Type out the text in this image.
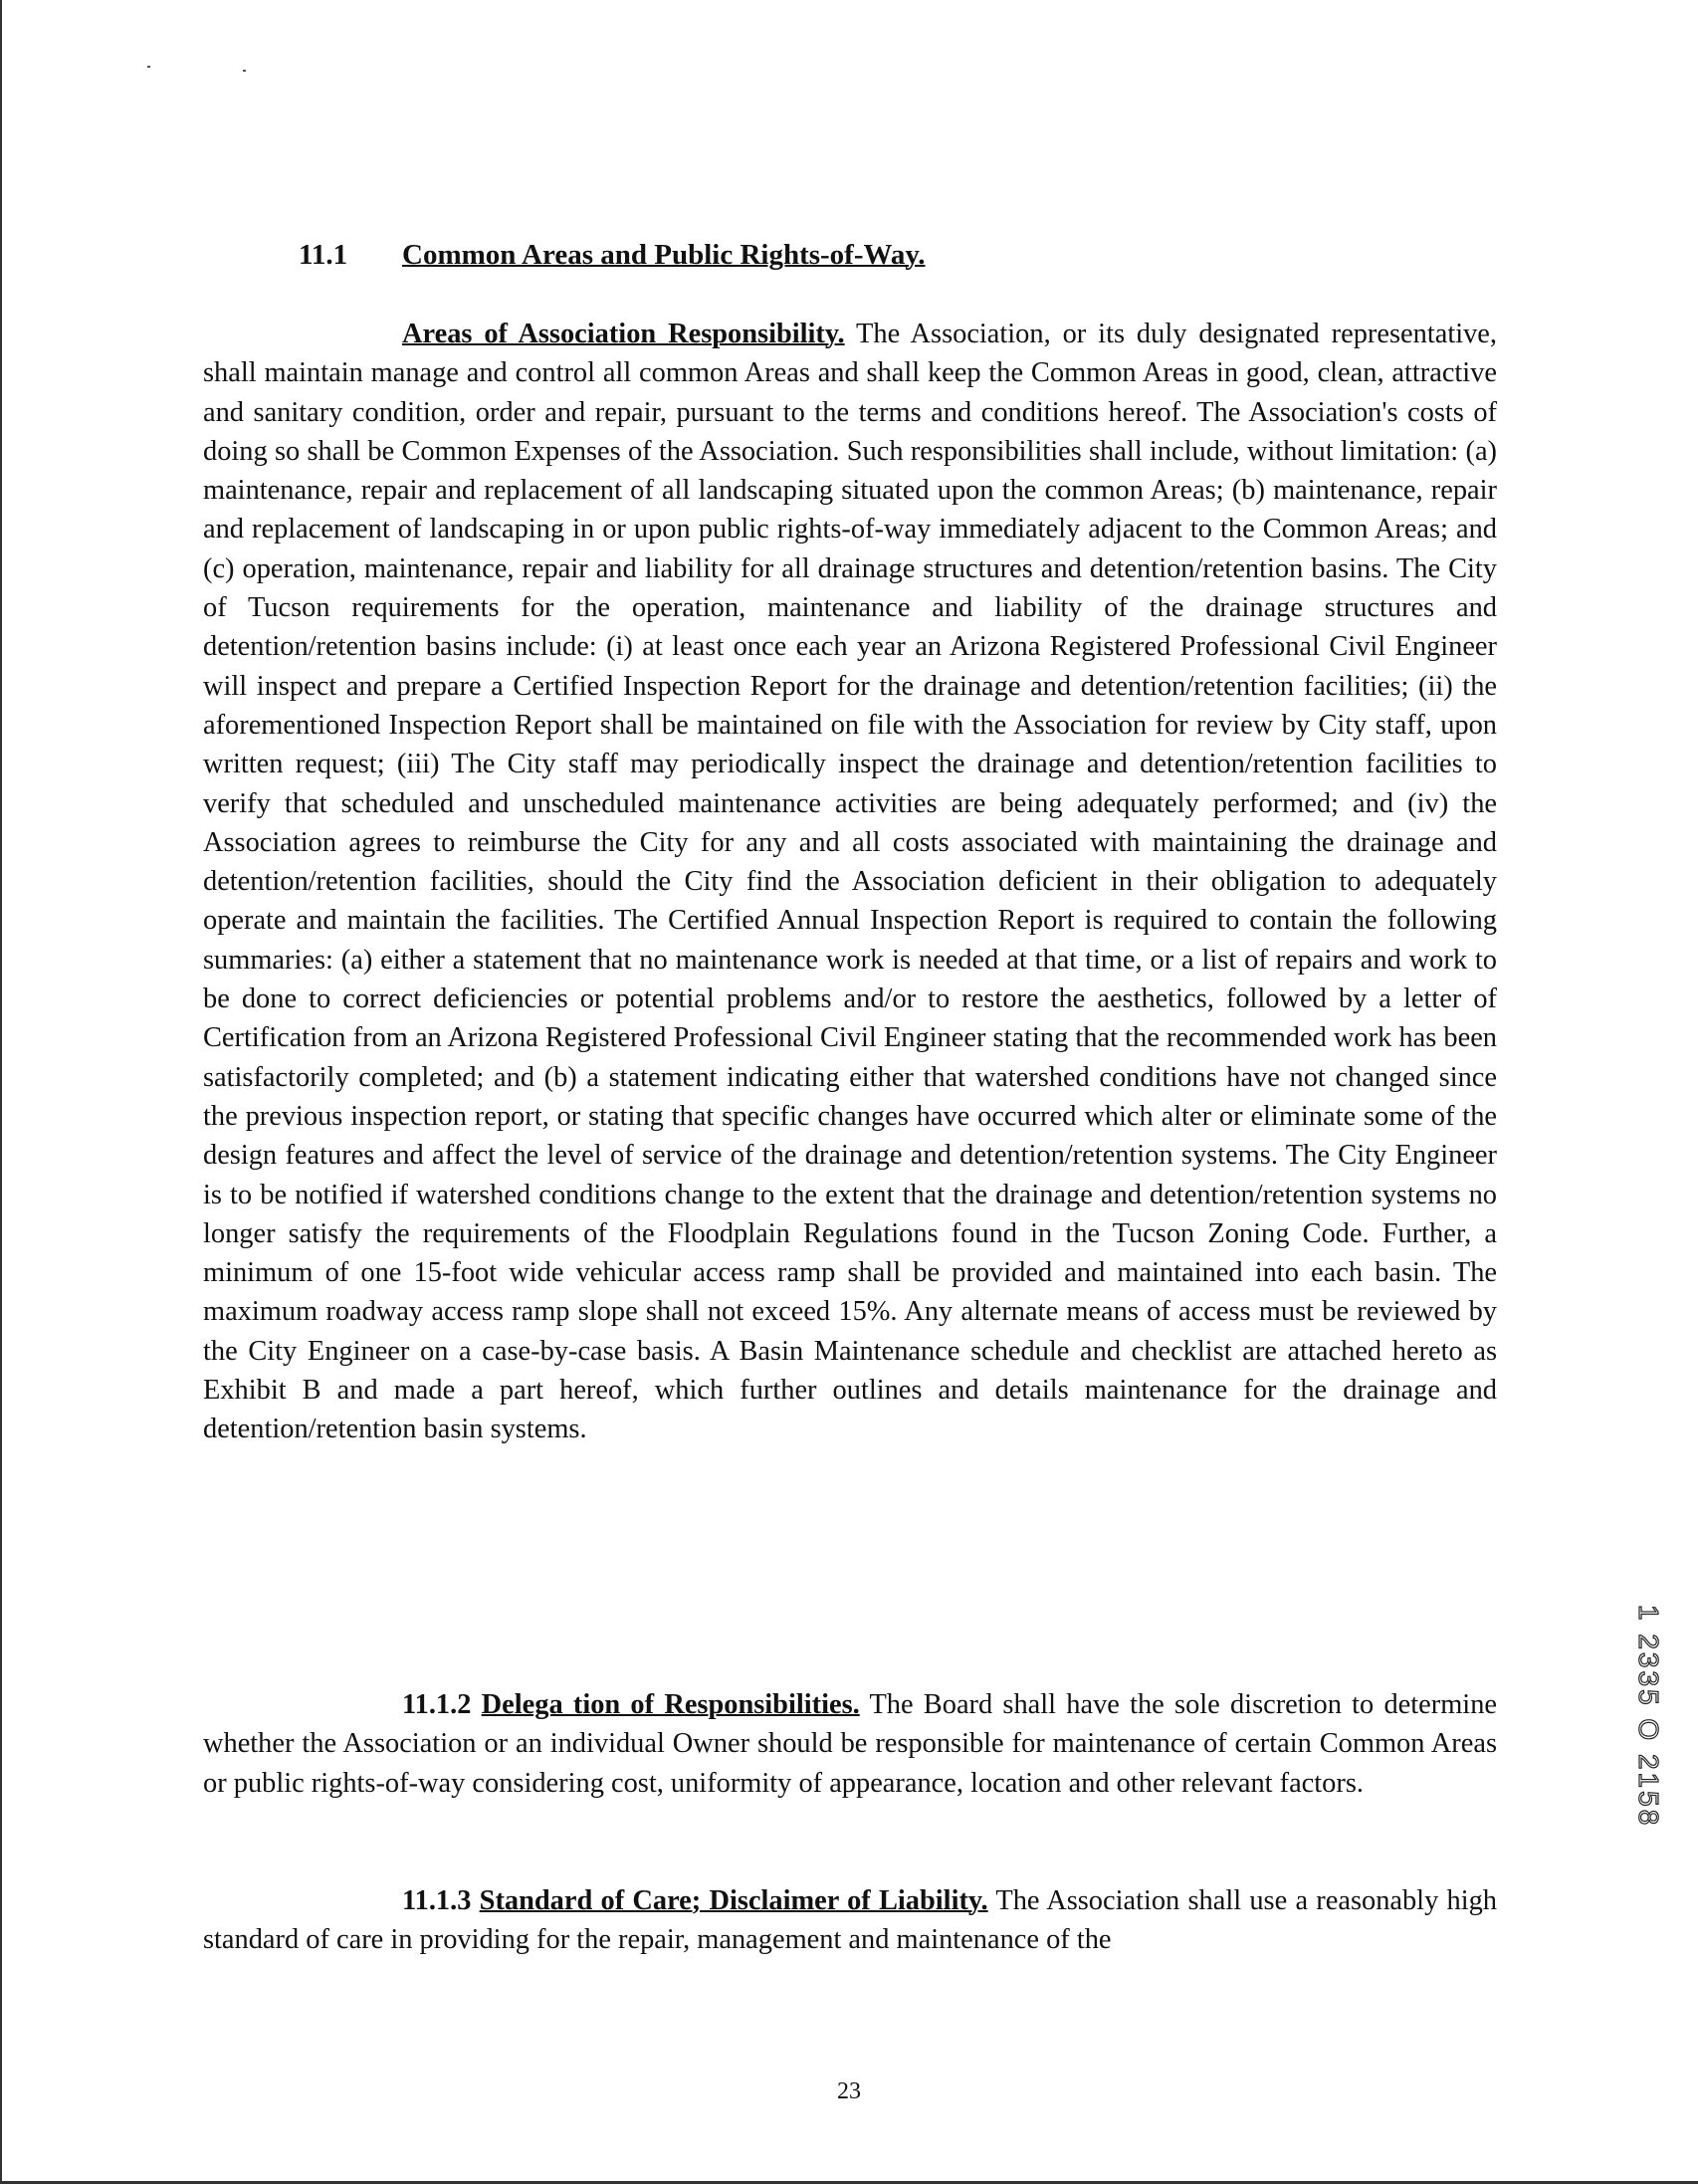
11.1 Common Areas and Public Rights-of-Way.

Areas of Association Responsibility. The Association, or its duly designated representative, shall maintain manage and control all common Areas and shall keep the Common Areas in good, clean, attractive and sanitary condition, order and repair, pursuant to the terms and conditions hereof. The Association's costs of doing so shall be Common Expenses of the Association. Such responsibilities shall include, without limitation: (a) maintenance, repair and replacement of all landscaping situated upon the common Areas; (b) maintenance, repair and replacement of landscaping in or upon public rights-of-way immediately adjacent to the Common Areas; and (c) operation, maintenance, repair and liability for all drainage structures and detention/retention basins. The City of Tucson requirements for the operation, maintenance and liability of the drainage structures and detention/retention basins include: (i) at least once each year an Arizona Registered Professional Civil Engineer will inspect and prepare a Certified Inspection Report for the drainage and detention/retention facilities; (ii) the aforementioned Inspection Report shall be maintained on file with the Association for review by City staff, upon written request; (iii) The City staff may periodically inspect the drainage and detention/retention facilities to verify that scheduled and unscheduled maintenance activities are being adequately performed; and (iv) the Association agrees to reimburse the City for any and all costs associated with maintaining the drainage and detention/retention facilities, should the City find the Association deficient in their obligation to adequately operate and maintain the facilities. The Certified Annual Inspection Report is required to contain the following summaries: (a) either a statement that no maintenance work is needed at that time, or a list of repairs and work to be done to correct deficiencies or potential problems and/or to restore the aesthetics, followed by a letter of Certification from an Arizona Registered Professional Civil Engineer stating that the recommended work has been satisfactorily completed; and (b) a statement indicating either that watershed conditions have not changed since the previous inspection report, or stating that specific changes have occurred which alter or eliminate some of the design features and affect the level of service of the drainage and detention/retention systems. The City Engineer is to be notified if watershed conditions change to the extent that the drainage and detention/retention systems no longer satisfy the requirements of the Floodplain Regulations found in the Tucson Zoning Code. Further, a minimum of one 15-foot wide vehicular access ramp shall be provided and maintained into each basin. The maximum roadway access ramp slope shall not exceed 15%. Any alternate means of access must be reviewed by the City Engineer on a case-by-case basis. A Basin Maintenance schedule and checklist are attached hereto as Exhibit B and made a part hereof, which further outlines and details maintenance for the drainage and detention/retention basin systems.

11.1.2 Delega tion of Responsibilities. The Board shall have the sole discretion to determine whether the Association or an individual Owner should be responsible for maintenance of certain Common Areas or public rights-of-way considering cost, uniformity of appearance, location and other relevant factors.

11.1.3 Standard of Care; Disclaimer of Liability. The Association shall use a reasonably high standard of care in providing for the repair, management and maintenance of the

1 2335 O 2158
23
